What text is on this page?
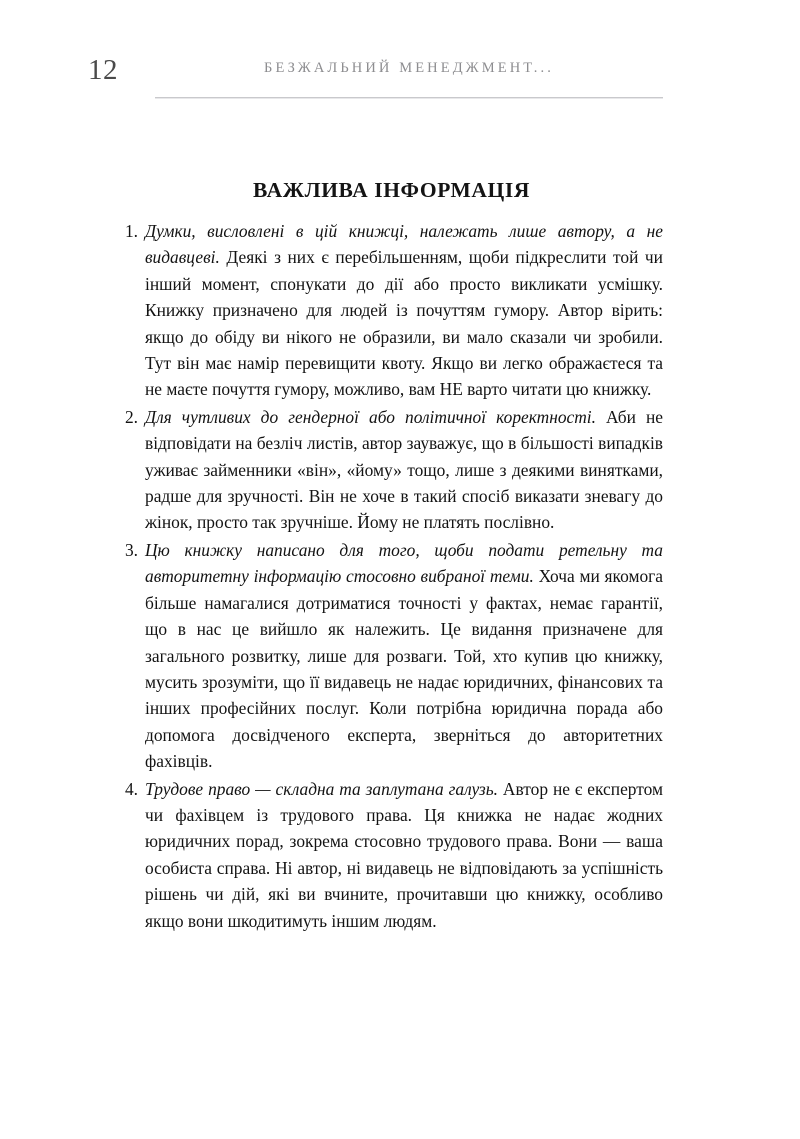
12	БЕЗЖАЛЬНИЙ МЕНЕДЖМЕНТ...
ВАЖЛИВА ІНФОРМАЦІЯ
Думки, висловлені в цій книжці, належать лише автору, а не видавцеві. Деякі з них є перебільшенням, щоби підкреслити той чи інший момент, спонукати до дії або просто викликати усмішку. Книжку призначено для людей із почуттям гумору. Автор вірить: якщо до обіду ви нікого не образили, ви мало сказали чи зробили. Тут він має намір перевищити квоту. Якщо ви легко ображаєтеся та не маєте почуття гумору, можливо, вам НЕ варто читати цю книжку.
Для чутливих до гендерної або політичної коректності. Аби не відповідати на безліч листів, автор зауважує, що в більшості випадків уживає займенники «він», «йому» тощо, лише з деякими винятками, радше для зручності. Він не хоче в такий спосіб виказати зневагу до жінок, просто так зручніше. Йому не платять послівно.
Цю книжку написано для того, щоби подати ретельну та авторитетну інформацію стосовно вибраної теми. Хоча ми якомога більше намагалися дотриматися точності у фактах, немає гарантії, що в нас це вийшло як належить. Це видання призначене для загального розвитку, лише для розваги. Той, хто купив цю книжку, мусить зрозуміти, що її видавець не надає юридичних, фінансових та інших професійних послуг. Коли потрібна юридична порада або допомога досвідченого експерта, зверніться до авторитетних фахівців.
Трудове право — складна та заплутана галузь. Автор не є експертом чи фахівцем із трудового права. Ця книжка не надає жодних юридичних порад, зокрема стосовно трудового права. Вони — ваша особиста справа. Ні автор, ні видавець не відповідають за успішність рішень чи дій, які ви вчините, прочитавши цю книжку, особливо якщо вони шкодитимуть іншим людям.
